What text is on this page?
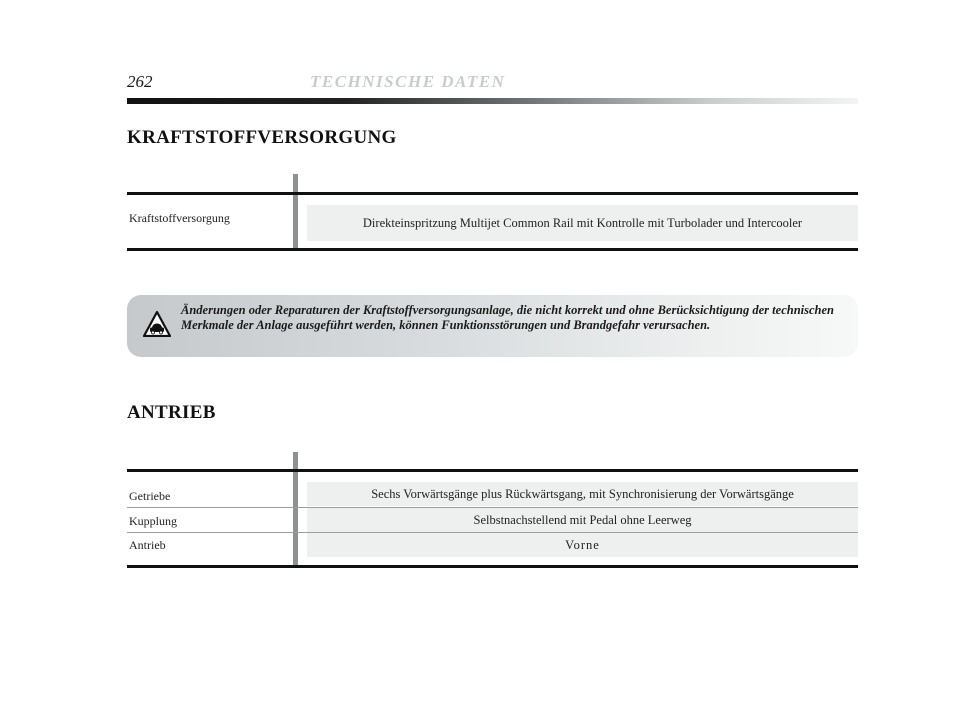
262	TECHNISCHE DATEN
KRAFTSTOFFVERSORGUNG
Kraftstoffversorgung	Direkteinspritzung Multijet Common Rail mit Kontrolle mit Turbolader und Intercooler
Änderungen oder Reparaturen der Kraftstoffversorgungsanlage, die nicht korrekt und ohne Berücksichtigung der technischen Merkmale der Anlage ausgeführt werden, können Funktionsstörungen und Brandgefahr verursachen.
ANTRIEB
Getriebe	Sechs Vorwärtsgänge plus Rückwärtsgang, mit Synchronisierung der Vorwärtsgänge
Kupplung	Selbstnachstellend mit Pedal ohne Leerweg
Antrieb	Vorne
